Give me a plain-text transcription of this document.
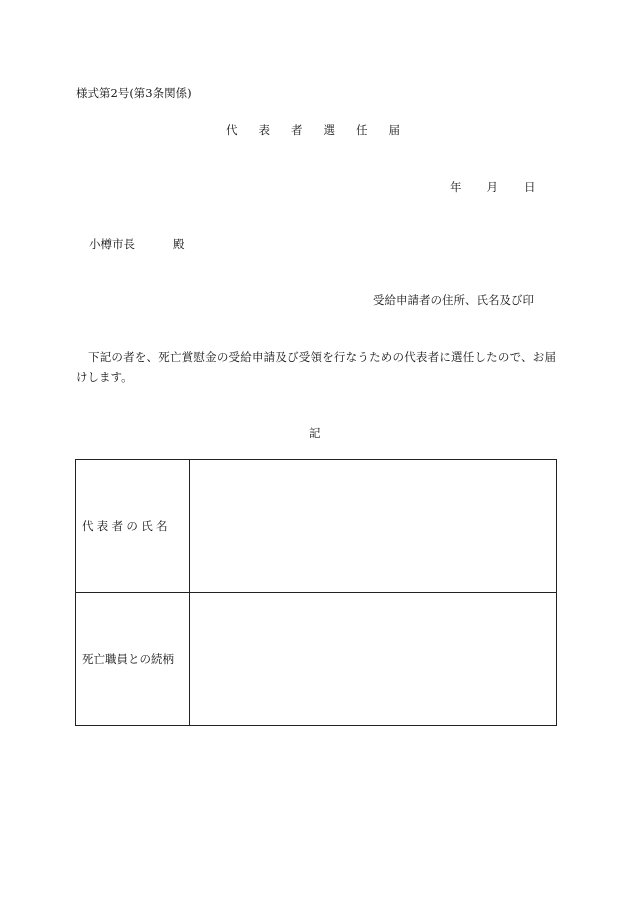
様式第2号(第3条関係)
代 表 者 選 任 届
年 月 日
小樽市長	殿
受給申請者の住所、氏名及び印
下記の者を、死亡賞慰金の受給申請及び受領を行なうための代表者に選任したので、お届けします。
記
代表者の氏名	
死亡職員との続柄	
